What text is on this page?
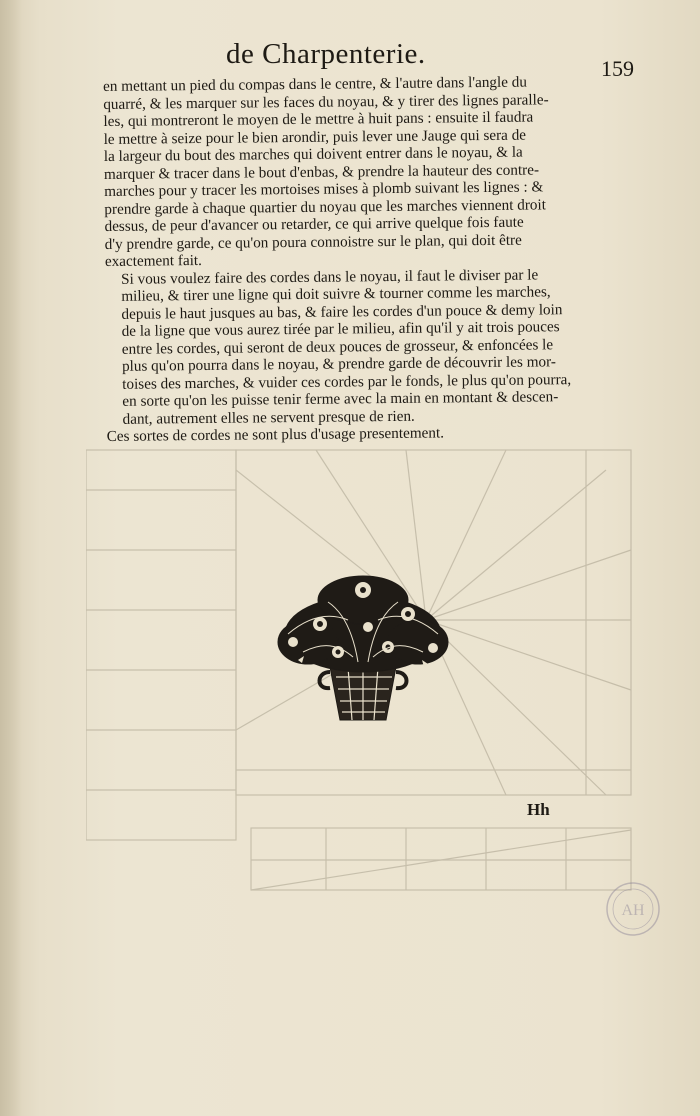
de Charpenterie.	159

en mettant un pied du compas dans le centre, & l'autre dans l'angle du
quarré, & les marquer sur les faces du noyau, & y tirer des lignes paralle-
les, qui montreront le moyen de le mettre à huit pans : ensuite il faudra
le mettre à seize pour le bien arondir, puis lever une Jauge qui sera de
la largeur du bout des marches qui doivent entrer dans le noyau, & la
marquer & tracer dans le bout d'enbas, & prendre la hauteur des contre-
marches pour y tracer les mortoises mises à plomb suivant les lignes : &
prendre garde à chaque quartier du noyau que les marches viennent droit
dessus, de peur d'avancer ou retarder, ce qui arrive quelque fois faute
d'y prendre garde, ce qu'on poura connoistre sur le plan, qui doit être
exactement fait.

Si vous voulez faire des cordes dans le noyau, il faut le diviser par le
milieu, & tirer une ligne qui doit suivre & tourner comme les marches,
depuis le haut jusques au bas, & faire les cordes d'un pouce & demy loin
de la ligne que vous aurez tirée par le milieu, afin qu'il y ait trois pouces
entre les cordes, qui seront de deux pouces de grosseur, & enfoncées le
plus qu'on pourra dans le noyau, & prendre garde de découvrir les mor-
toises des marches, & vuider ces cordes par le fonds, le plus qu'on pourra,
en sorte qu'on les puisse tenir ferme avec la main en montant & descen-
dant, autrement elles ne servent presque de rien.

Ces sortes de cordes ne sont plus d'usage presentement.

Hh
AH
